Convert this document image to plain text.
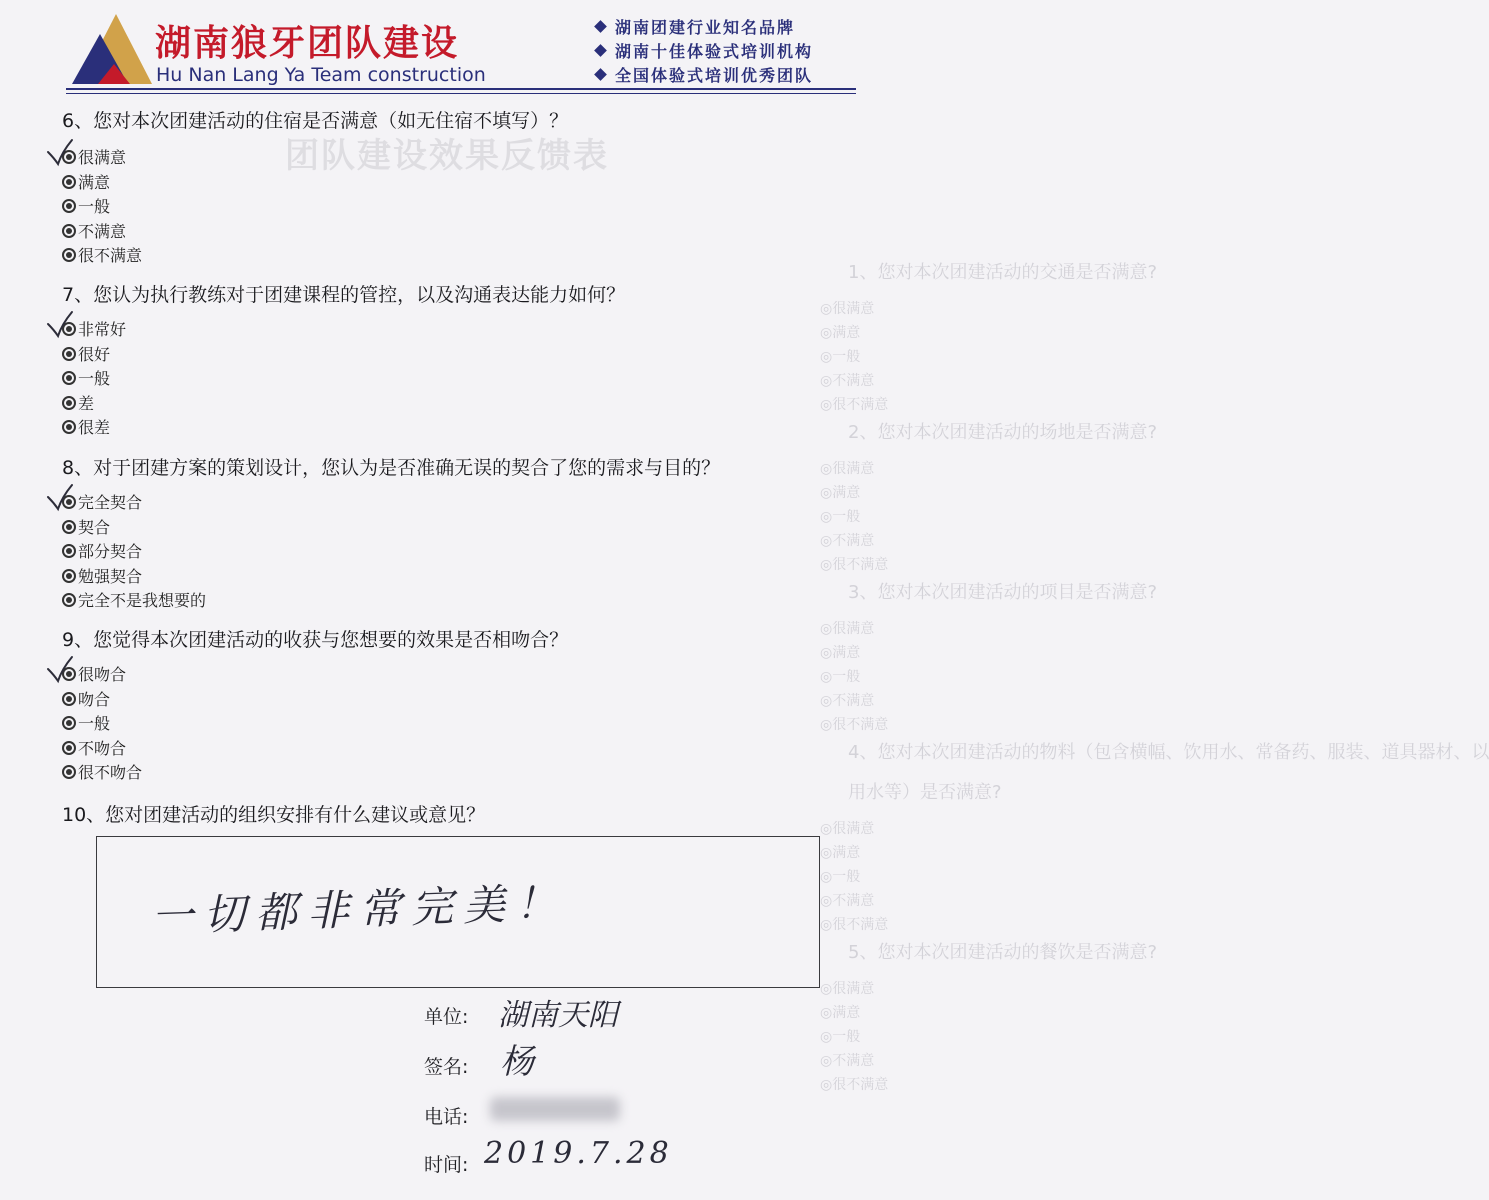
团队建设效果反馈表
1、您对本次团建活动的交通是否满意?
◎很满意
◎满意
◎一般
◎不满意
◎很不满意
2、您对本次团建活动的场地是否满意?
◎很满意
◎满意
◎一般
◎不满意
◎很不满意
3、您对本次团建活动的项目是否满意?
◎很满意
◎满意
◎一般
◎不满意
◎很不满意
4、您对本次团建活动的物料（包含横幅、饮用水、常备药、服装、道具器材、以
用水等）是否满意?
◎很满意
◎满意
◎一般
◎不满意
◎很不满意
5、您对本次团建活动的餐饮是否满意?
◎很满意
◎满意
◎一般
◎不满意
◎很不满意
湖南狼牙团队建设
Hu Nan Lang Ya Team construction
湖南团建行业知名品牌
湖南十佳体验式培训机构
全国体验式培训优秀团队
6、您对本次团建活动的住宿是否满意（如无住宿不填写）？
很满意
满意
一般
不满意
很不满意
7、您认为执行教练对于团建课程的管控，以及沟通表达能力如何？
非常好
很好
一般
差
很差
8、对于团建方案的策划设计，您认为是否准确无误的契合了您的需求与目的？
完全契合
契合
部分契合
勉强契合
完全不是我想要的
9、您觉得本次团建活动的收获与您想要的效果是否相吻合？
很吻合
吻合
一般
不吻合
很不吻合
10、您对团建活动的组织安排有什么建议或意见？
一切都非常完美！
单位: 湖南天阳
签名: 杨
电话:
时间: 2019.7.28
